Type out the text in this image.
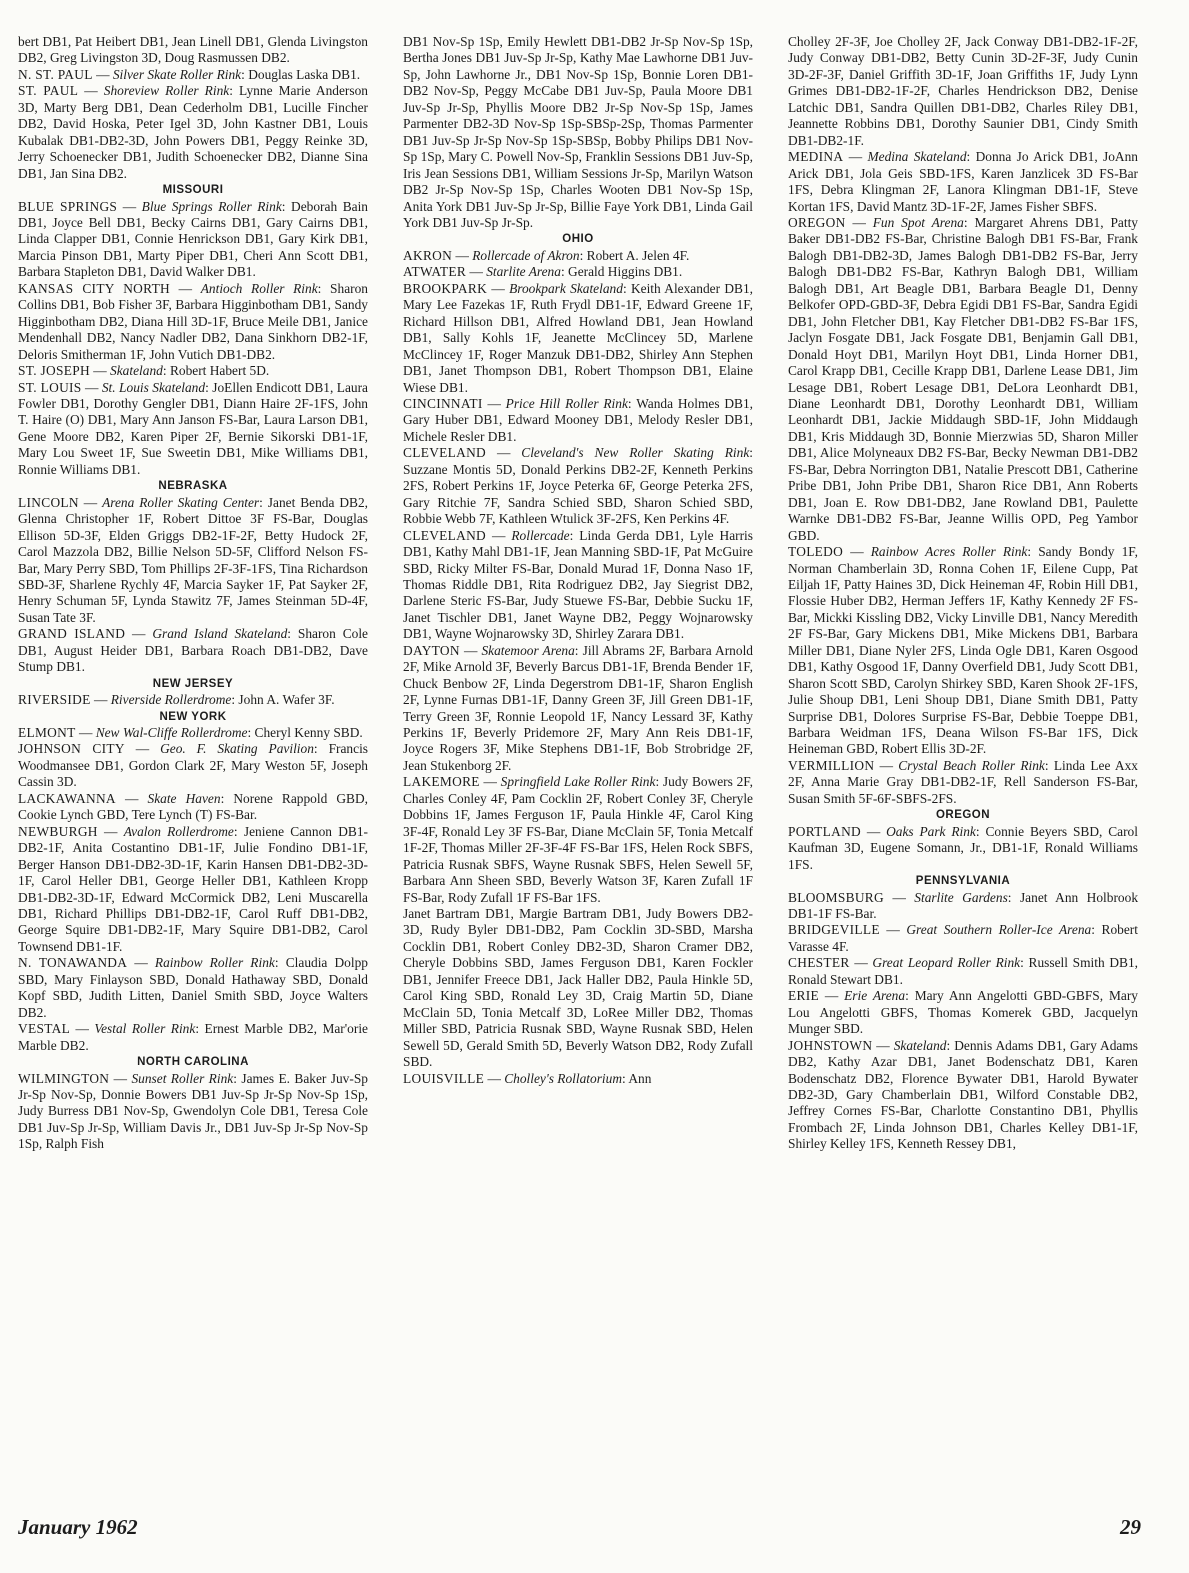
bert DB1, Pat Heibert DB1, Jean Linell DB1, Glenda Livingston DB2, Greg Livingston 3D, Doug Rasmussen DB2.

N. ST. PAUL — Silver Skate Roller Rink: Douglas Laska DB1.

ST. PAUL — Shoreview Roller Rink: Lynne Marie Anderson 3D, Marty Berg DB1, Dean Cederholm DB1, Lucille Fincher DB2, David Hoska, Peter Igel 3D, John Kastner DB1, Louis Kubalak DB1-DB2-3D, John Powers DB1, Peggy Reinke 3D, Jerry Schoenecker DB1, Judith Schoenecker DB2, Dianne Sina DB1, Jan Sina DB2.

MISSOURI

BLUE SPRINGS — Blue Springs Roller Rink: Deborah Bain DB1, Joyce Bell DB1, Becky Cairns DB1, Gary Cairns DB1, Linda Clapper DB1, Connie Henrickson DB1, Gary Kirk DB1, Marcia Pinson DB1, Marty Piper DB1, Cheri Ann Scott DB1, Barbara Stapleton DB1, David Walker DB1.

KANSAS CITY NORTH — Antioch Roller Rink: Sharon Collins DB1, Bob Fisher 3F, Barbara Higginbotham DB1, Sandy Higginbotham DB2, Diana Hill 3D-1F, Bruce Meile DB1, Janice Mendenhall DB2, Nancy Nadler DB2, Dana Sinkhorn DB2-1F, Deloris Smitherman 1F, John Vutich DB1-DB2.

ST. JOSEPH — Skateland: Robert Habert 5D.

ST. LOUIS — St. Louis Skateland: JoEllen Endicott DB1, Laura Fowler DB1, Dorothy Gengler DB1, Diann Haire 2F-1FS, John T. Haire (O) DB1, Mary Ann Janson FS-Bar, Laura Larson DB1, Gene Moore DB2, Karen Piper 2F, Bernie Sikorski DB1-1F, Mary Lou Sweet 1F, Sue Sweetin DB1, Mike Williams DB1, Ronnie Williams DB1.

NEBRASKA

LINCOLN — Arena Roller Skating Center: Janet Benda DB2, Glenna Christopher 1F, Robert Dittoe 3F FS-Bar, Douglas Ellison 5D-3F, Elden Griggs DB2-1F-2F, Betty Hudock 2F, Carol Mazzola DB2, Billie Nelson 5D-5F, Clifford Nelson FS-Bar, Mary Perry SBD, Tom Phillips 2F-3F-1FS, Tina Richardson SBD-3F, Sharlene Rychly 4F, Marcia Sayker 1F, Pat Sayker 2F, Henry Schuman 5F, Lynda Stawitz 7F, James Steinman 5D-4F, Susan Tate 3F.

GRAND ISLAND — Grand Island Skateland: Sharon Cole DB1, August Heider DB1, Barbara Roach DB1-DB2, Dave Stump DB1.

NEW JERSEY

RIVERSIDE — Riverside Rollerdrome: John A. Wafer 3F.

NEW YORK

ELMONT — New Wal-Cliffe Rollerdrome: Cheryl Kenny SBD.

JOHNSON CITY — Geo. F. Skating Pavilion: Francis Woodmansee DB1, Gordon Clark 2F, Mary Weston 5F, Joseph Cassin 3D.

LACKAWANNA — Skate Haven: Norene Rappold GBD, Cookie Lynch GBD, Tere Lynch (T) FS-Bar.

NEWBURGH — Avalon Rollerdrome: Jeniene Cannon DB1-DB2-1F, Anita Costantino DB1-1F, Julie Fondino DB1-1F, Berger Hanson DB1-DB2-3D-1F, Karin Hansen DB1-DB2-3D-1F, Carol Heller DB1, George Heller DB1, Kathleen Kropp DB1-DB2-3D-1F, Edward McCormick DB2, Leni Muscarella DB1, Richard Phillips DB1-DB2-1F, Carol Ruff DB1-DB2, George Squire DB1-DB2-1F, Mary Squire DB1-DB2, Carol Townsend DB1-1F.

N. TONAWANDA — Rainbow Roller Rink: Claudia Dolpp SBD, Mary Finlayson SBD, Donald Hathaway SBD, Donald Kopf SBD, Judith Litten, Daniel Smith SBD, Joyce Walters DB2.

VESTAL — Vestal Roller Rink: Ernest Marble DB2, Mar'orie Marble DB2.

NORTH CAROLINA

WILMINGTON — Sunset Roller Rink: James E. Baker Juv-Sp Jr-Sp Nov-Sp, Donnie Bowers DB1 Juv-Sp Jr-Sp Nov-Sp 1Sp, Judy Burress DB1 Nov-Sp, Gwendolyn Cole DB1, Teresa Cole DB1 Juv-Sp Jr-Sp, William Davis Jr., DB1 Juv-Sp Jr-Sp Nov-Sp 1Sp, Ralph Fish

DB1 Nov-Sp 1Sp, Emily Hewlett DB1-DB2 Jr-Sp Nov-Sp 1Sp, Bertha Jones DB1 Juv-Sp Jr-Sp, Kathy Mae Lawhorne DB1 Juv-Sp, John Lawhorne Jr., DB1 Nov-Sp 1Sp, Bonnie Loren DB1-DB2 Nov-Sp, Peggy McCabe DB1 Juv-Sp, Paula Moore DB1 Juv-Sp Jr-Sp, Phyllis Moore DB2 Jr-Sp Nov-Sp 1Sp, James Parmenter DB2-3D Nov-Sp 1Sp-SBSp-2Sp, Thomas Parmenter DB1 Juv-Sp Jr-Sp Nov-Sp 1Sp-SBSp, Bobby Philips DB1 Nov-Sp 1Sp, Mary C. Powell Nov-Sp, Franklin Sessions DB1 Juv-Sp, Iris Jean Sessions DB1, William Sessions Jr-Sp, Marilyn Watson DB2 Jr-Sp Nov-Sp 1Sp, Charles Wooten DB1 Nov-Sp 1Sp, Anita York DB1 Juv-Sp Jr-Sp, Billie Faye York DB1, Linda Gail York DB1 Juv-Sp Jr-Sp.

OHIO

AKRON — Rollercade of Akron: Robert A. Jelen 4F.

ATWATER — Starlite Arena: Gerald Higgins DB1.

BROOKPARK — Brookpark Skateland: Keith Alexander DB1, Mary Lee Fazekas 1F, Ruth Frydl DB1-1F, Edward Greene 1F, Richard Hillson DB1, Alfred Howland DB1, Jean Howland DB1, Sally Kohls 1F, Jeanette McClincey 5D, Marlene McClincey 1F, Roger Manzuk DB1-DB2, Shirley Ann Stephen DB1, Janet Thompson DB1, Robert Thompson DB1, Elaine Wiese DB1.

CINCINNATI — Price Hill Roller Rink: Wanda Holmes DB1, Gary Huber DB1, Edward Mooney DB1, Melody Resler DB1, Michele Resler DB1.

CLEVELAND — Cleveland's New Roller Skating Rink: Suzzane Montis 5D, Donald Perkins DB2-2F, Kenneth Perkins 2FS, Robert Perkins 1F, Joyce Peterka 6F, George Peterka 2FS, Gary Ritchie 7F, Sandra Schied SBD, Sharon Schied SBD, Robbie Webb 7F, Kathleen Wtulick 3F-2FS, Ken Perkins 4F.

CLEVELAND — Rollercade: Linda Gerda DB1, Lyle Harris DB1, Kathy Mahl DB1-1F, Jean Manning SBD-1F, Pat McGuire SBD, Ricky Milter FS-Bar, Donald Murad 1F, Donna Naso 1F, Thomas Riddle DB1, Rita Rodriguez DB2, Jay Siegrist DB2, Darlene Steric FS-Bar, Judy Stuewe FS-Bar, Debbie Sucku 1F, Janet Tischler DB1, Janet Wayne DB2, Peggy Wojnarowsky DB1, Wayne Wojnarowsky 3D, Shirley Zarara DB1.

DAYTON — Skatemoor Arena: Jill Abrams 2F, Barbara Arnold 2F, Mike Arnold 3F, Beverly Barcus DB1-1F, Brenda Bender 1F, Chuck Benbow 2F, Linda Degerstrom DB1-1F, Sharon English 2F, Lynne Furnas DB1-1F, Danny Green 3F, Jill Green DB1-1F, Terry Green 3F, Ronnie Leopold 1F, Nancy Lessard 3F, Kathy Perkins 1F, Beverly Pridemore 2F, Mary Ann Reis DB1-1F, Joyce Rogers 3F, Mike Stephens DB1-1F, Bob Strobridge 2F, Jean Stukenborg 2F.

LAKEMORE — Springfield Lake Roller Rink: Judy Bowers 2F, Charles Conley 4F, Pam Cocklin 2F, Robert Conley 3F, Cheryle Dobbins 1F, James Ferguson 1F, Paula Hinkle 4F, Carol King 3F-4F, Ronald Ley 3F FS-Bar, Diane McClain 5F, Tonia Metcalf 1F-2F, Thomas Miller 2F-3F-4F FS-Bar 1FS, Helen Rock SBFS, Patricia Rusnak SBFS, Wayne Rusnak SBFS, Helen Sewell 5F, Barbara Ann Sheen SBD, Beverly Watson 3F, Karen Zufall 1F FS-Bar, Rody Zufall 1F FS-Bar 1FS.

Janet Bartram DB1, Margie Bartram DB1, Judy Bowers DB2-3D, Rudy Byler DB1-DB2, Pam Cocklin 3D-SBD, Marsha Cocklin DB1, Robert Conley DB2-3D, Sharon Cramer DB2, Cheryle Dobbins SBD, James Ferguson DB1, Karen Fockler DB1, Jennifer Freece DB1, Jack Haller DB2, Paula Hinkle 5D, Carol King SBD, Ronald Ley 3D, Craig Martin 5D, Diane McClain 5D, Tonia Metcalf 3D, LoRee Miller DB2, Thomas Miller SBD, Patricia Rusnak SBD, Wayne Rusnak SBD, Helen Sewell 5D, Gerald Smith 5D, Beverly Watson DB2, Rody Zufall SBD.

LOUISVILLE — Cholley's Rollatorium: Ann

Cholley 2F-3F, Joe Cholley 2F, Jack Conway DB1-DB2-1F-2F, Judy Conway DB1-DB2, Betty Cunin 3D-2F-3F, Judy Cunin 3D-2F-3F, Daniel Griffith 3D-1F, Joan Griffiths 1F, Judy Lynn Grimes DB1-DB2-1F-2F, Charles Hendrickson DB2, Denise Latchic DB1, Sandra Quillen DB1-DB2, Charles Riley DB1, Jeannette Robbins DB1, Dorothy Saunier DB1, Cindy Smith DB1-DB2-1F.

MEDINA — Medina Skateland: Donna Jo Arick DB1, JoAnn Arick DB1, Jola Geis SBD-1FS, Karen Janzlicek 3D FS-Bar 1FS, Debra Klingman 2F, Lanora Klingman DB1-1F, Steve Kortan 1FS, David Mantz 3D-1F-2F, James Fisher SBFS.

OREGON — Fun Spot Arena: Margaret Ahrens DB1, Patty Baker DB1-DB2 FS-Bar, Christine Balogh DB1 FS-Bar, Frank Balogh DB1-DB2-3D, James Balogh DB1-DB2 FS-Bar, Jerry Balogh DB1-DB2 FS-Bar, Kathryn Balogh DB1, William Balogh DB1, Art Beagle DB1, Barbara Beagle D1, Denny Belkofer OPD-GBD-3F, Debra Egidi DB1 FS-Bar, Sandra Egidi DB1, John Fletcher DB1, Kay Fletcher DB1-DB2 FS-Bar 1FS, Jaclyn Fosgate DB1, Jack Fosgate DB1, Benjamin Gall DB1, Donald Hoyt DB1, Marilyn Hoyt DB1, Linda Horner DB1, Carol Krapp DB1, Cecille Krapp DB1, Darlene Lease DB1, Jim Lesage DB1, Robert Lesage DB1, DeLora Leonhardt DB1, Diane Leonhardt DB1, Dorothy Leonhardt DB1, William Leonhardt DB1, Jackie Middaugh SBD-1F, John Middaugh DB1, Kris Middaugh 3D, Bonnie Mierzwias 5D, Sharon Miller DB1, Alice Molyneaux DB2 FS-Bar, Becky Newman DB1-DB2 FS-Bar, Debra Norrington DB1, Natalie Prescott DB1, Catherine Pribe DB1, John Pribe DB1, Sharon Rice DB1, Ann Roberts DB1, Joan E. Row DB1-DB2, Jane Rowland DB1, Paulette Warnke DB1-DB2 FS-Bar, Jeanne Willis OPD, Peg Yambor GBD.

TOLEDO — Rainbow Acres Roller Rink: Sandy Bondy 1F, Norman Chamberlain 3D, Ronna Cohen 1F, Eilene Cupp, Pat Eiljah 1F, Patty Haines 3D, Dick Heineman 4F, Robin Hill DB1, Flossie Huber DB2, Herman Jeffers 1F, Kathy Kennedy 2F FS-Bar, Mickki Kissling DB2, Vicky Linville DB1, Nancy Meredith 2F FS-Bar, Gary Mickens DB1, Mike Mickens DB1, Barbara Miller DB1, Diane Nyler 2FS, Linda Ogle DB1, Karen Osgood DB1, Kathy Osgood 1F, Danny Overfield DB1, Judy Scott DB1, Sharon Scott SBD, Carolyn Shirkey SBD, Karen Shook 2F-1FS, Julie Shoup DB1, Leni Shoup DB1, Diane Smith DB1, Patty Surprise DB1, Dolores Surprise FS-Bar, Debbie Toeppe DB1, Barbara Weidman 1FS, Deana Wilson FS-Bar 1FS, Dick Heineman GBD, Robert Ellis 3D-2F.

VERMILLION — Crystal Beach Roller Rink: Linda Lee Axx 2F, Anna Marie Gray DB1-DB2-1F, Rell Sanderson FS-Bar, Susan Smith 5F-6F-SBFS-2FS.

OREGON

PORTLAND — Oaks Park Rink: Connie Beyers SBD, Carol Kaufman 3D, Eugene Somann, Jr., DB1-1F, Ronald Williams 1FS.

PENNSYLVANIA

BLOOMSBURG — Starlite Gardens: Janet Ann Holbrook DB1-1F FS-Bar.

BRIDGEVILLE — Great Southern Roller-Ice Arena: Robert Varasse 4F.

CHESTER — Great Leopard Roller Rink: Russell Smith DB1, Ronald Stewart DB1.

ERIE — Erie Arena: Mary Ann Angelotti GBD-GBFS, Mary Lou Angelotti GBFS, Thomas Komerek GBD, Jacquelyn Munger SBD.

JOHNSTOWN — Skateland: Dennis Adams DB1, Gary Adams DB2, Kathy Azar DB1, Janet Bodenschatz DB1, Karen Bodenschatz DB2, Florence Bywater DB1, Harold Bywater DB2-3D, Gary Chamberlain DB1, Wilford Constable DB2, Jeffrey Cornes FS-Bar, Charlotte Constantino DB1, Phyllis Frombach 2F, Linda Johnson DB1, Charles Kelley DB1-1F, Shirley Kelley 1FS, Kenneth Ressey DB1,

January 1962	29
